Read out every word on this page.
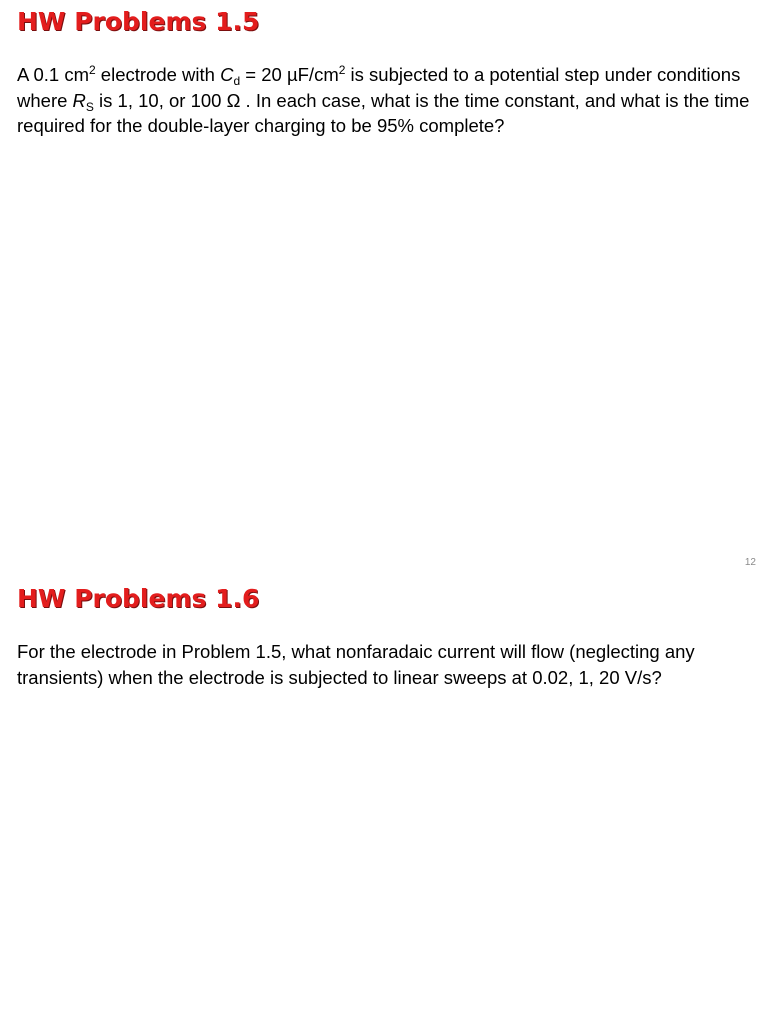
HW Problems 1.5

A 0.1 $cm^2$ electrode with $C_d = 20$ $\mu F/cm^2$ is subjected to a potential step under conditions where $R_S$ is 1, 10, or 100 Ω . In each case, what is the time constant, and what is the time required for the double-layer charging to be 95% complete?

12
HW Problems 1.6

For the electrode in Problem 1.5, what nonfaradaic current will flow (neglecting any transients) when the electrode is subjected to linear sweeps at 0.02, 1, 20 V/s?
